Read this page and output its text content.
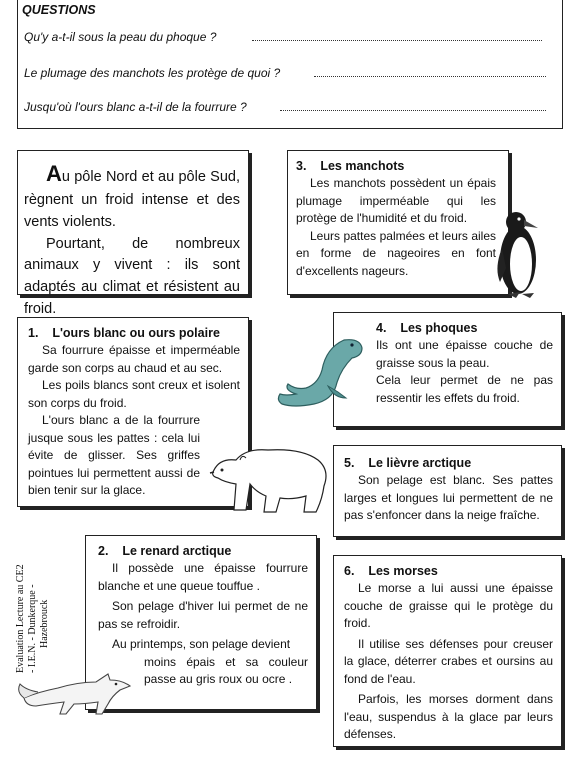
QUESTIONS
Qu'y a-t-il sous la peau du phoque ?
Le plumage des manchots les protège de quoi ?
Jusqu'où l'ours blanc a-t-il de la fourrure ?

Au pôle Nord et au pôle Sud, règnent un froid intense et des vents violents.

Pourtant, de nombreux animaux y vivent : ils sont adaptés au climat et résistent au froid.

3.    Les manchots

Les manchots possèdent un épais plumage imperméable qui les protège de l'humidité et du froid.

Leurs pattes palmées et leurs ailes en forme de nageoires en font d'excellents nageurs.

1.    L'ours blanc ou ours polaire

Sa fourrure épaisse et imperméable garde son corps au chaud et au sec.

Les poils blancs sont creux et isolent son corps du froid.

L'ours blanc a de la fourrure jusque sous les pattes : cela lui évite de glisser. Ses griffes pointues lui permettent aussi de bien tenir sur la glace.

4.    Les phoques

Ils ont une épaisse couche de graisse sous la peau.

Cela leur permet de ne pas ressentir les effets du froid.

5.    Le lièvre arctique

Son pelage est blanc. Ses pattes larges et longues lui permettent de ne pas s'enfoncer dans la neige fraîche.

2.    Le renard arctique

Il possède une épaisse fourrure blanche et une queue touffue .

Son pelage d'hiver lui permet de ne pas se refroidir.

Au printemps, son pelage devient

moins épais et sa couleur passe au gris roux ou ocre .

6.    Les morses

Le morse a lui aussi une épaisse couche de graisse qui le protège du froid.

Il utilise ses défenses pour creuser la glace, déterrer crabes et oursins au fond de l'eau.

Parfois, les morses dorment dans l'eau, suspendus à la glace par leurs défenses.

Evaluation Lecture au CE2 - I.E.N. - Dunkerque - Hazebrouck
